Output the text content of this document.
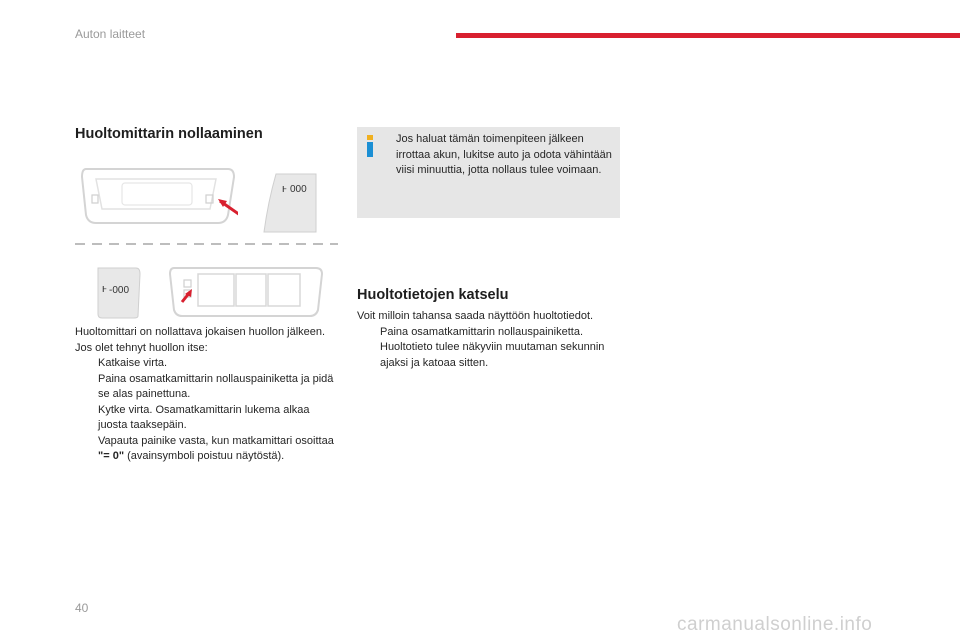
Auton laitteet
Huoltomittarin nollaaminen
ⱶ 000
ⱶ -000

Huoltomittari on nollattava jokaisen huollon jälkeen.

Jos olet tehnyt huollon itse:

Katkaise virta.
Paina osamatkamittarin nollauspainiketta ja pidä se alas painettuna.
Kytke virta. Osamatkamittarin lukema alkaa juosta taaksepäin.
Vapauta painike vasta, kun matkamittari osoittaa "= 0" (avainsymboli poistuu näytöstä).
Jos haluat tämän toimenpiteen jälkeen irrottaa akun, lukitse auto ja odota vähintään viisi minuuttia, jotta nollaus tulee voimaan.
Huoltotietojen katselu

Voit milloin tahansa saada näyttöön huoltotiedot.

Paina osamatkamittarin nollauspainiketta. Huoltotieto tulee näkyviin muutaman sekunnin ajaksi ja katoaa sitten.
40
carmanualsonline.info
